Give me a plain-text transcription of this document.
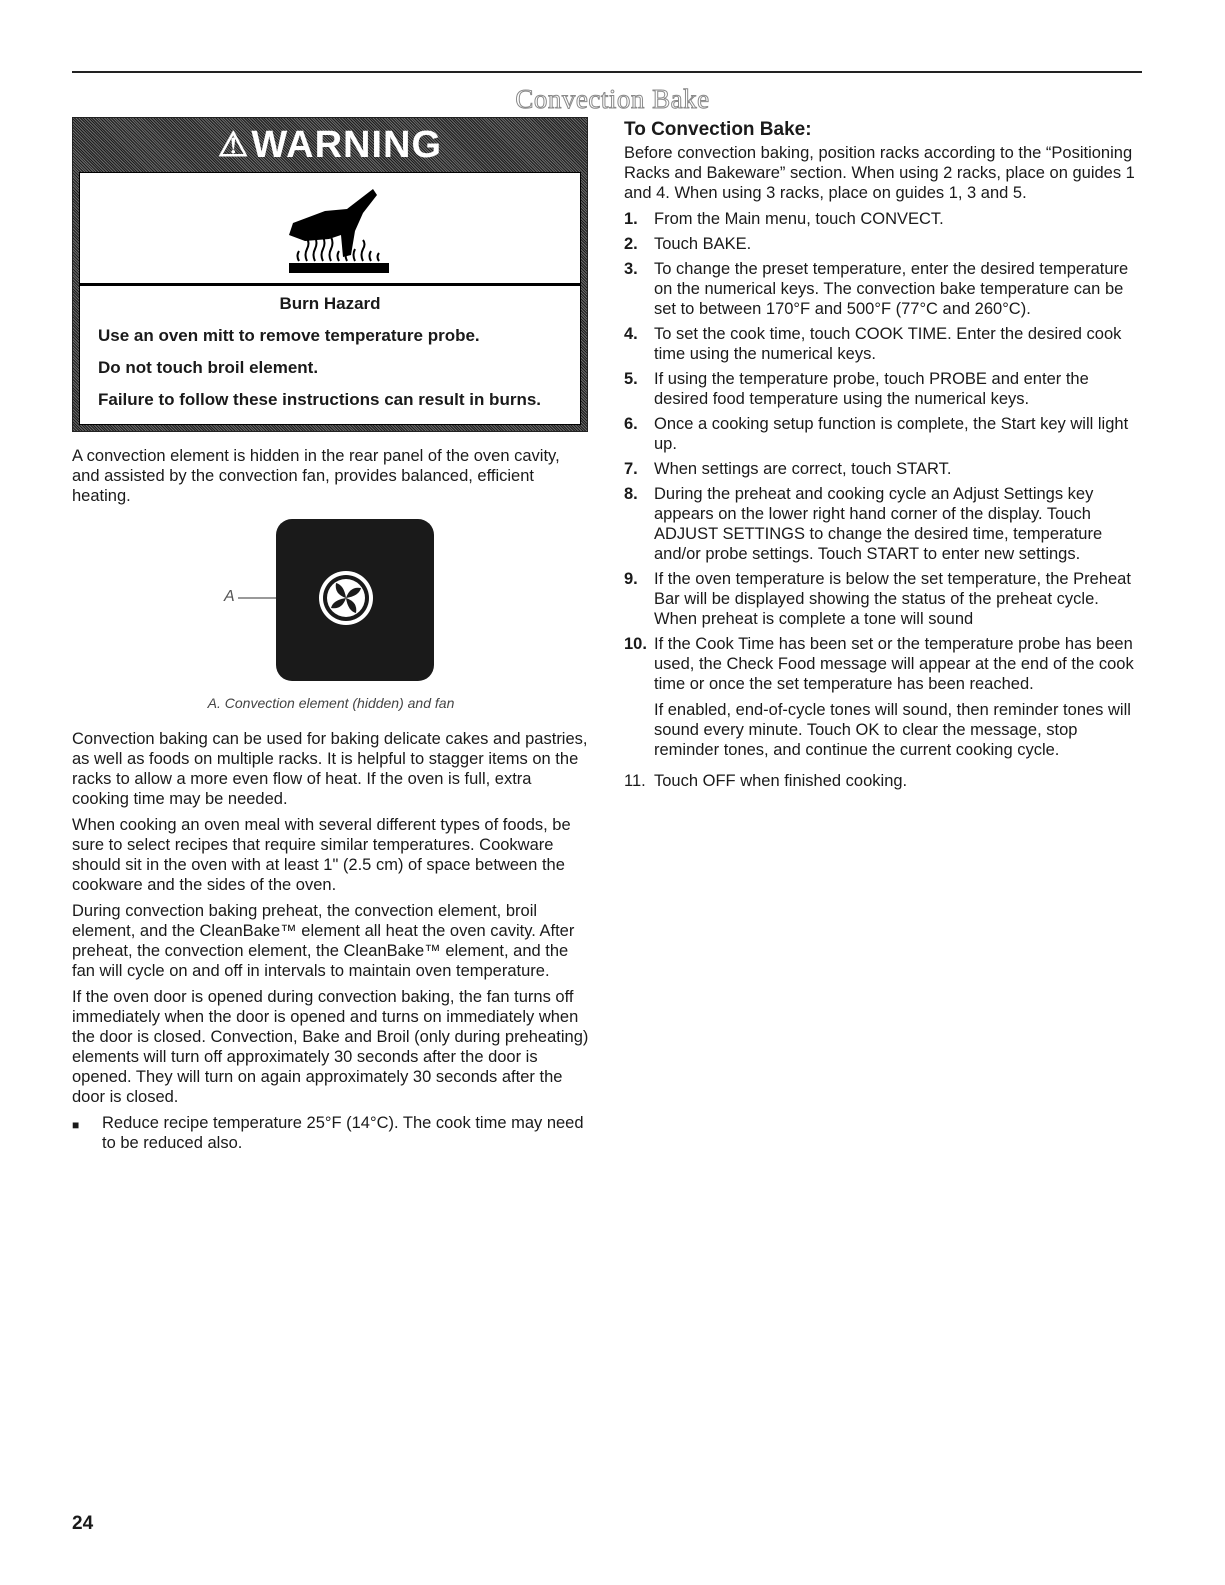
Convection Bake
⚠ WARNING

Burn Hazard

Use an oven mitt to remove temperature probe.

Do not touch broil element.

Failure to follow these instructions can result in burns.

A convection element is hidden in the rear panel of the oven cavity, and assisted by the convection fan, provides balanced, efficient heating.

A

A. Convection element (hidden) and fan

Convection baking can be used for baking delicate cakes and pastries, as well as foods on multiple racks. It is helpful to stagger items on the racks to allow a more even flow of heat. If the oven is full, extra cooking time may be needed.

When cooking an oven meal with several different types of foods, be sure to select recipes that require similar temperatures. Cookware should sit in the oven with at least 1" (2.5 cm) of space between the cookware and the sides of the oven.

During convection baking preheat, the convection element, broil element, and the CleanBake™ element all heat the oven cavity. After preheat, the convection element, the CleanBake™ element, and the fan will cycle on and off in intervals to maintain oven temperature.

If the oven door is opened during convection baking, the fan turns off immediately when the door is opened and turns on immediately when the door is closed. Convection, Bake and Broil (only during preheating) elements will turn off approximately 30 seconds after the door is opened. They will turn on again approximately 30 seconds after the door is closed.

■	Reduce recipe temperature 25°F (14°C). The cook time may need to be reduced also.
To Convection Bake:

Before convection baking, position racks according to the “Positioning Racks and Bakeware” section. When using 2 racks, place on guides 1 and 4. When using 3 racks, place on guides 1, 3 and 5.

1. From the Main menu, touch CONVECT.
2. Touch BAKE.
3. To change the preset temperature, enter the desired temperature on the numerical keys. The convection bake temperature can be set to between 170°F and 500°F (77°C and 260°C).
4. To set the cook time, touch COOK TIME. Enter the desired cook time using the numerical keys.
5. If using the temperature probe, touch PROBE and enter the desired food temperature using the numerical keys.
6. Once a cooking setup function is complete, the Start key will light up.
7. When settings are correct, touch START.
8. During the preheat and cooking cycle an Adjust Settings key appears on the lower right hand corner of the display. Touch ADJUST SETTINGS to change the desired time, temperature and/or probe settings. Touch START to enter new settings.
9. If the oven temperature is below the set temperature, the Preheat Bar will be displayed showing the status of the preheat cycle. When preheat is complete a tone will sound
10. If the Cook Time has been set or the temperature probe has been used, the Check Food message will appear at the end of the cook time or once the set temperature has been reached.

If enabled, end-of-cycle tones will sound, then reminder tones will sound every minute. Touch OK to clear the message, stop reminder tones, and continue the current cooking cycle.

11. Touch OFF when finished cooking.
24
